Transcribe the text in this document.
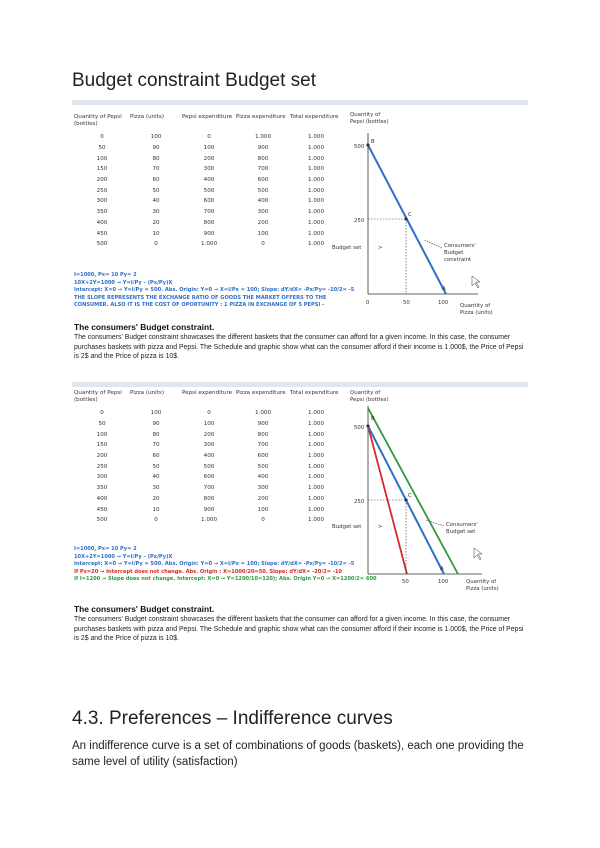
Budget constraint Budget set
Quantity of Pepsi (bottles)	Pizza (units)	Pepsi expenditure	Pizza expenditure	Total expenditure
0	100	0	1.000	1.000
50	90	100	900	1.000
100	80	200	800	1.000
150	70	300	700	1.000
200	60	400	600	1.000
250	50	500	500	1.000
300	40	600	400	1.000
350	30	700	300	1.000
400	20	800	200	1.000
450	10	900	100	1.000
500	0	1.000	0	1.000
Quantity of
Pepsi (bottles)
500
250
B
C
A
0	50	100 Quantity of
Pizza (units)
Budget set	>	Consumers'
Budget
constraint
I=1000, Px= 10 Py= 2
10X+2Y=1000 → Y=I/Py – (Px/Py)X
Intercept: X=0 → Y=I/Py = 500. Abs. Origin: Y=0 → X=I/Px = 100; Slope: dY/dX= -Px/Py= -10/2= -5
THE SLOPE REPRESENTS THE EXCHANGE RATIO OF GOODS THE MARKET OFFERS TO THE
CONSUMER. ALSO IT IS THE COST OF OPORTUNITY : 1 PIZZA IN EXCHANGE OF 5 PEPSI -
The consumers' Budget constraint.
The consumers' Budget constraint showcases the different baskets that the consumer can afford for a given income. In this case, the consumer purchases baskets with pizza and Pepsi. The Schedule and graphic show what can the consumer afford if their income is 1.000$, the Price of Pepsi is 2$ and the Price of pizza is 10$.
Quantity of Pepsi (bottles)	Pizza (units)	Pepsi expenditure	Pizza expenditure	Total expenditure
0	100	0	1.000	1.000
50	90	100	900	1.000
100	80	200	800	1.000
150	70	300	700	1.000
200	60	400	600	1.000
250	50	500	500	1.000
300	40	600	400	1.000
350	30	700	300	1.000
400	20	800	200	1.000
450	10	900	100	1.000
500	0	1.000	0	1.000
Quantity of
Pepsi (bottles)
500
250
B
C
A
50	100	Quantity of
Pizza (units)
Budget set	>	Consumers'
Budget set
I=1000, Px= 10 Py= 2
10X+2Y=1000 → Y=I/Py – (Px/Py)X
Intercept: X=0 → Y=I/Py = 500. Abs. Origin: Y=0 → X=I/Px = 100; Slope: dY/dX= -Px/Py= -10/2= -5
If Px=20 → Intercept does not change. Abs. Origin : X=1000/20=50. Slope: dY/dX= -20/2= -10
If I=1200 → Slope does not change. Intercept: X=0 → Y=1200/10=120); Abs. Origin Y=0 → X=1200/2= 600
The consumers' Budget constraint.
The consumers' Budget constraint showcases the different baskets that the consumer can afford for a given income. In this case, the consumer purchases baskets with pizza and Pepsi. The Schedule and graphic show what can the consumer afford if their income is 1.000$, the Price of Pepsi is 2$ and the Price of pizza is 10$.
4.3. Preferences – Indifference curves
An indifference curve is a set of combinations of goods (baskets), each one providing the same level of utility (satisfaction)
